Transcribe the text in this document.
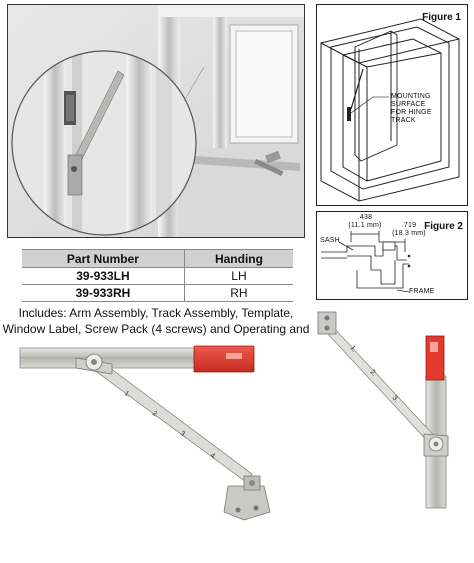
Figure 1
MOUNTING
SURFACE
FOR HINGE
TRACK
Figure 2
.438
(11.1 mm)	.719
(18.3 mm)
SASH
FRAME
Part Number	Handing
39-933LH	LH
39-933RH	RH
Includes: Arm Assembly, Track Assembly, Template,
Window Label, Screw Pack (4 screws) and Operating and
1.
2.
3.
4.
1.
2.
3.
